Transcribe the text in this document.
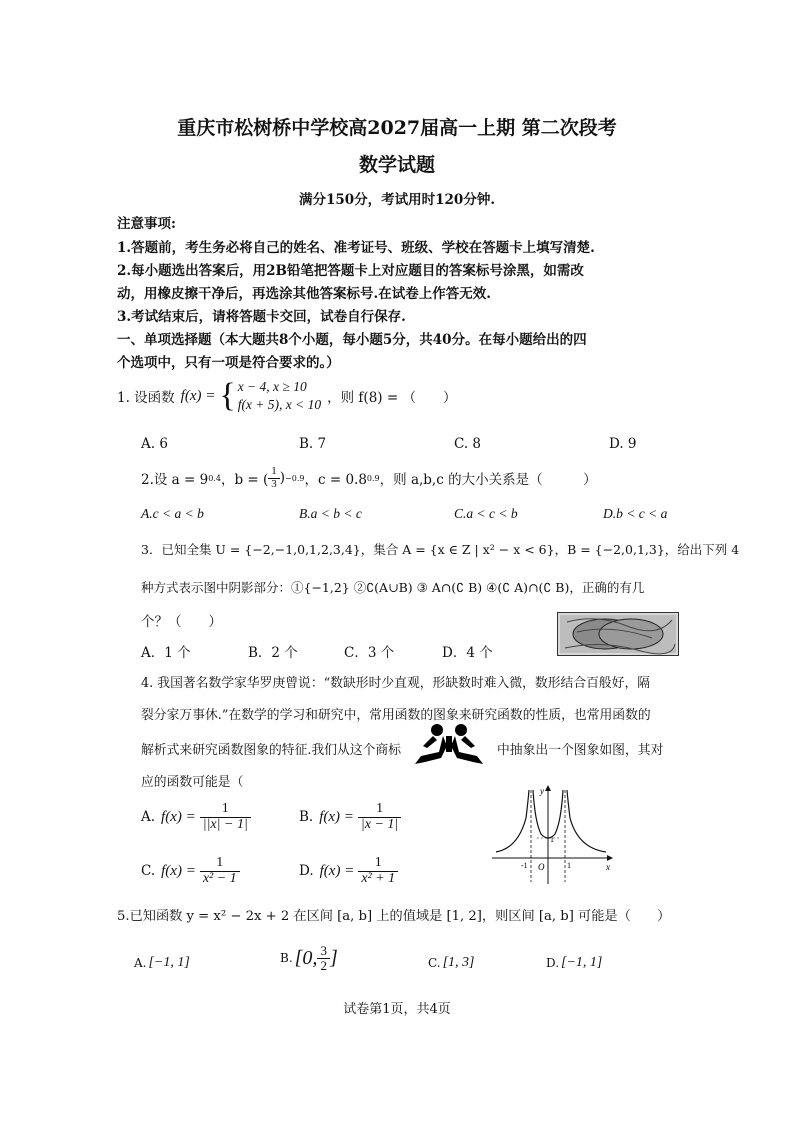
重庆市松树桥中学校高2027届高一上期 第二次段考
数学试题
满分150分，考试用时120分钟.
注意事项:
1.答题前，考生务必将自己的姓名、准考证号、班级、学校在答题卡上填写清楚.
2.每小题选出答案后，用2B铅笔把答题卡上对应题目的答案标号涂黑，如需改
动，用橡皮擦干净后，再选涂其他答案标号.在试卷上作答无效.
3.考试结束后，请将答题卡交回，试卷自行保存.
一、单项选择题（本大题共8个小题，每小题5分，共40分。在每小题给出的四
个选项中，只有一项是符合要求的。）
1. 设函数 f(x) = { x − 4, x ≥ 10
f(x + 5), x < 10 ，则 f(8) = （　　）
A. 6	B. 7	C. 8	D. 9
2.设 a = 9 0.4 ，b = ( $\frac{1}{3}$ ) −0.9 ，c = 0.8 0.9 ，则 a,b,c 的大小关系是（　　　）
A.c < a < b	B.a < b < c	C.a < c < b	D.b < c < a
3．已知全集 U = {−2,−1,0,1,2,3,4}，集合 A = {x ∈ Z | x² − x < 6}，B = {−2,0,1,3}，给出下列 4
种方式表示图中阴影部分：①{−1,2} ②∁(A∪B) ③ A∩(∁ B) ④(∁ A)∩(∁ B)，正确的有几
个？（　　）
A．1 个	B．2 个	C．3 个	D．4 个
4. 我国著名数学家华罗庚曾说：“数缺形时少直观，形缺数时难入微，数形结合百般好，隔
裂分家万事休.”在数学的学习和研究中，常用函数的图象来研究函数的性质，也常用函数的
解析式来研究函数图象的特征.我们从这个商标	中抽象出一个图象如图，其对
应的函数可能是（
A. $f(x) = \frac{1}{||x| - 1|}$	B. $f(x) = \frac{1}{|x - 1|}$
C. $f(x) = \frac{1}{\text{x² − 1}}$	D. $f(x) = \frac{1}{\text{x² + 1}}$
y
x
O
-1	1
1
5.已知函数 y = x² − 2x + 2 在区间 [a, b] 上的值域是 [1, 2]，则区间 [a, b] 可能是（　　）
A. [−1, 1]	B. [0, $\frac{3}{2}$ ]	C. [1, 3]	D. [−1, 1]
试卷第1页，共4页
